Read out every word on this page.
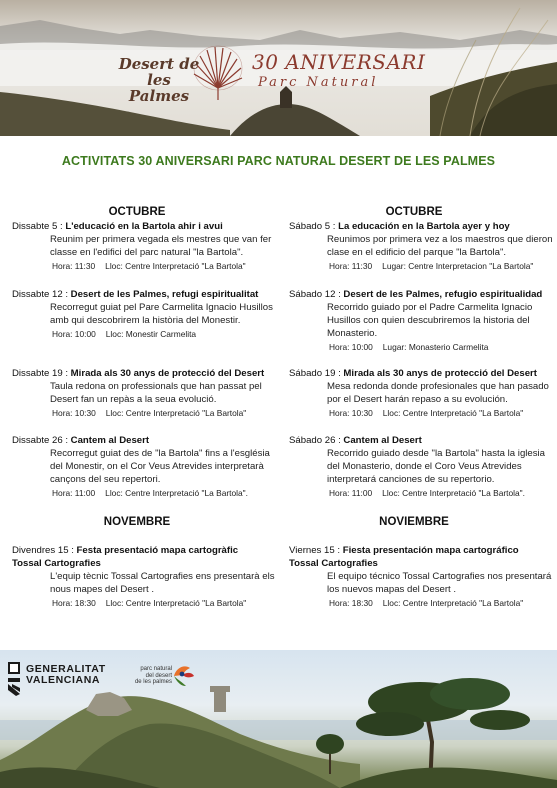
Desert de
les Palmes
30 ANIVERSARI
Parc Natural
ACTIVITATS 30 ANIVERSARI PARC NATURAL DESERT DE LES PALMES
OCTUBRE
Dissabte 5 : L'educació en la Bartola ahir i avui
Reunim per primera vegada els mestres que van fer classe en l'edifici del parc natural "la Bartola".
Hora: 11:30 Lloc: Centre Interpretació "La Bartola"
Dissabte 12 : Desert de les Palmes, refugi espiritualitat
Recorregut guiat pel Pare Carmelita Ignacio Husillos amb qui descobrirem la història del Monestir.
Hora: 10:00 Lloc: Monestir Carmelita
Dissabte 19 : Mirada als 30 anys de protecció del Desert
Taula redona on professionals que han passat pel Desert fan un repàs a la seua evolució.
Hora: 10:30 Lloc: Centre Interpretació "La Bartola"
Dissabte 26 : Cantem al Desert
Recorregut guiat des de "la Bartola" fins a l'església del Monestir, on el Cor Veus Atrevides interpretarà cançons del seu repertori.
Hora: 11:00 Lloc: Centre Interpretació "La Bartola".
NOVEMBRE
Divendres 15 : Festa presentació mapa cartogràfic
Tossal Cartografies
L'equip tècnic Tossal Cartografies ens presentarà els nous mapes del Desert .
Hora: 18:30 Lloc: Centre Interpretació "La Bartola"
OCTUBRE
Sábado 5 : La educación en la Bartola ayer y hoy
Reunimos por primera vez a los maestros que dieron clase en el edificio del parque "la Bartola".
Hora: 11:30 Lugar: Centre Interpretacion "La Bartola"
Sábado 12 : Desert de les Palmes, refugio espiritualidad
Recorrido guiado por el Padre Carmelita Ignacio Husillos con quien descubriremos la historia del Monasterio.
Hora: 10:00 Lugar: Monasterio Carmelita
Sábado 19 : Mirada als 30 anys de protecció del Desert
Mesa redonda donde profesionales que han pasado por el Desert harán repaso a su evolución.
Hora: 10:30 Lloc: Centre Interpretació "La Bartola"
Sábado 26 : Cantem al Desert
Recorrido guiado desde "la Bartola" hasta la iglesia del Monasterio, donde el Coro Veus Atrevides interpretará canciones de su repertorio.
Hora: 11:00 Lloc: Centre Interpretació "La Bartola".
NOVIEMBRE
Viernes 15 : Fiesta presentación mapa cartográfico
Tossal Cartografies
El equipo técnico Tossal Cartografies nos presentará los nuevos mapas del Desert .
Hora: 18:30 Lloc: Centre Interpretació "La Bartola"
GENERALITAT
VALENCIANA
parc natural
del desert
de les palmes
